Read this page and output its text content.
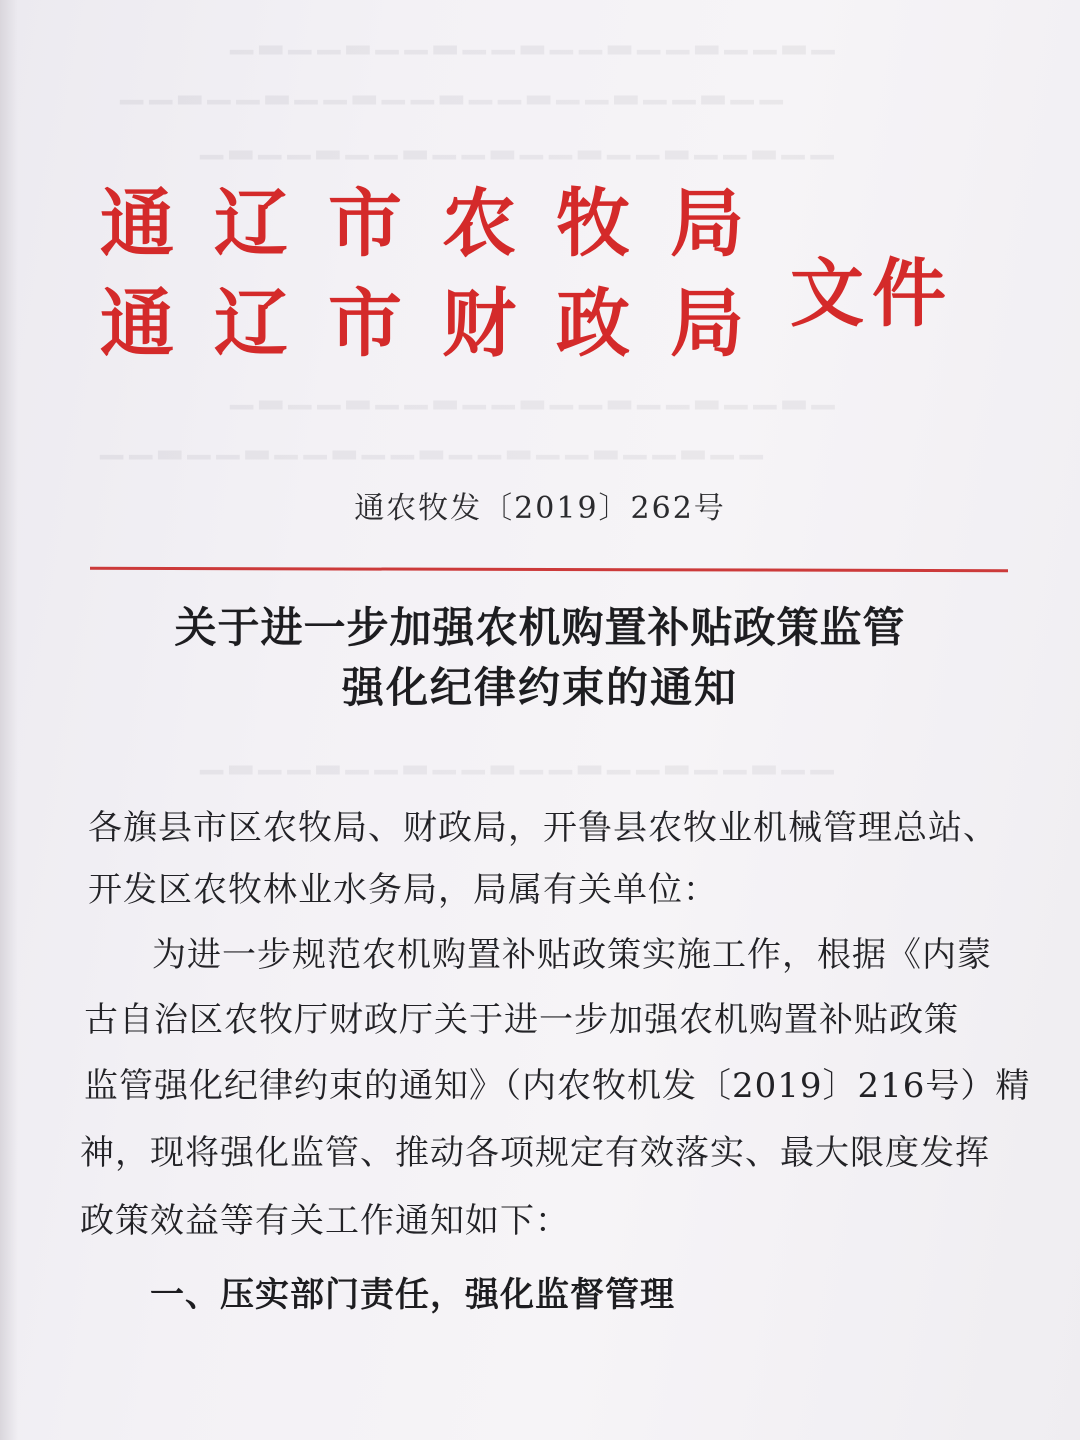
▁▂▁▁▂▁▁▂▁▁▂▁▁▂▁▁▂▁▁▂▁
▁▁▂▁▁▂▁▁▂▁▁▂▁▁▂▁▁▂▁▁▂▁▁
▁▂▁▁▂▁▁▂▁▁▂▁▁▂▁▁▂▁▁▂▁▁
▁▂▁▁▂▁▁▂▁▁▂▁▁▂▁▁▂▁▁▂▁
▁▁▂▁▁▂▁▁▂▁▁▂▁▁▂▁▁▂▁▁▂▁▁
▁▂▁▁▂▁▁▂▁▁▂▁▁▂▁▁▂▁▁▂▁▁
通辽市农牧局
通辽市财政局 文件
通农牧发〔2019〕262号
关于进一步加强农机购置补贴政策监管
强化纪律约束的通知
各旗县市区农牧局、财政局，开鲁县农牧业机械管理总站、
开发区农牧林业水务局，局属有关单位：
为进一步规范农机购置补贴政策实施工作，根据《内蒙
古自治区农牧厅财政厅关于进一步加强农机购置补贴政策
监管强化纪律约束的通知》（内农牧机发〔2019〕216号）精
神，现将强化监管、推动各项规定有效落实、最大限度发挥
政策效益等有关工作通知如下：
一、压实部门责任，强化监督管理
